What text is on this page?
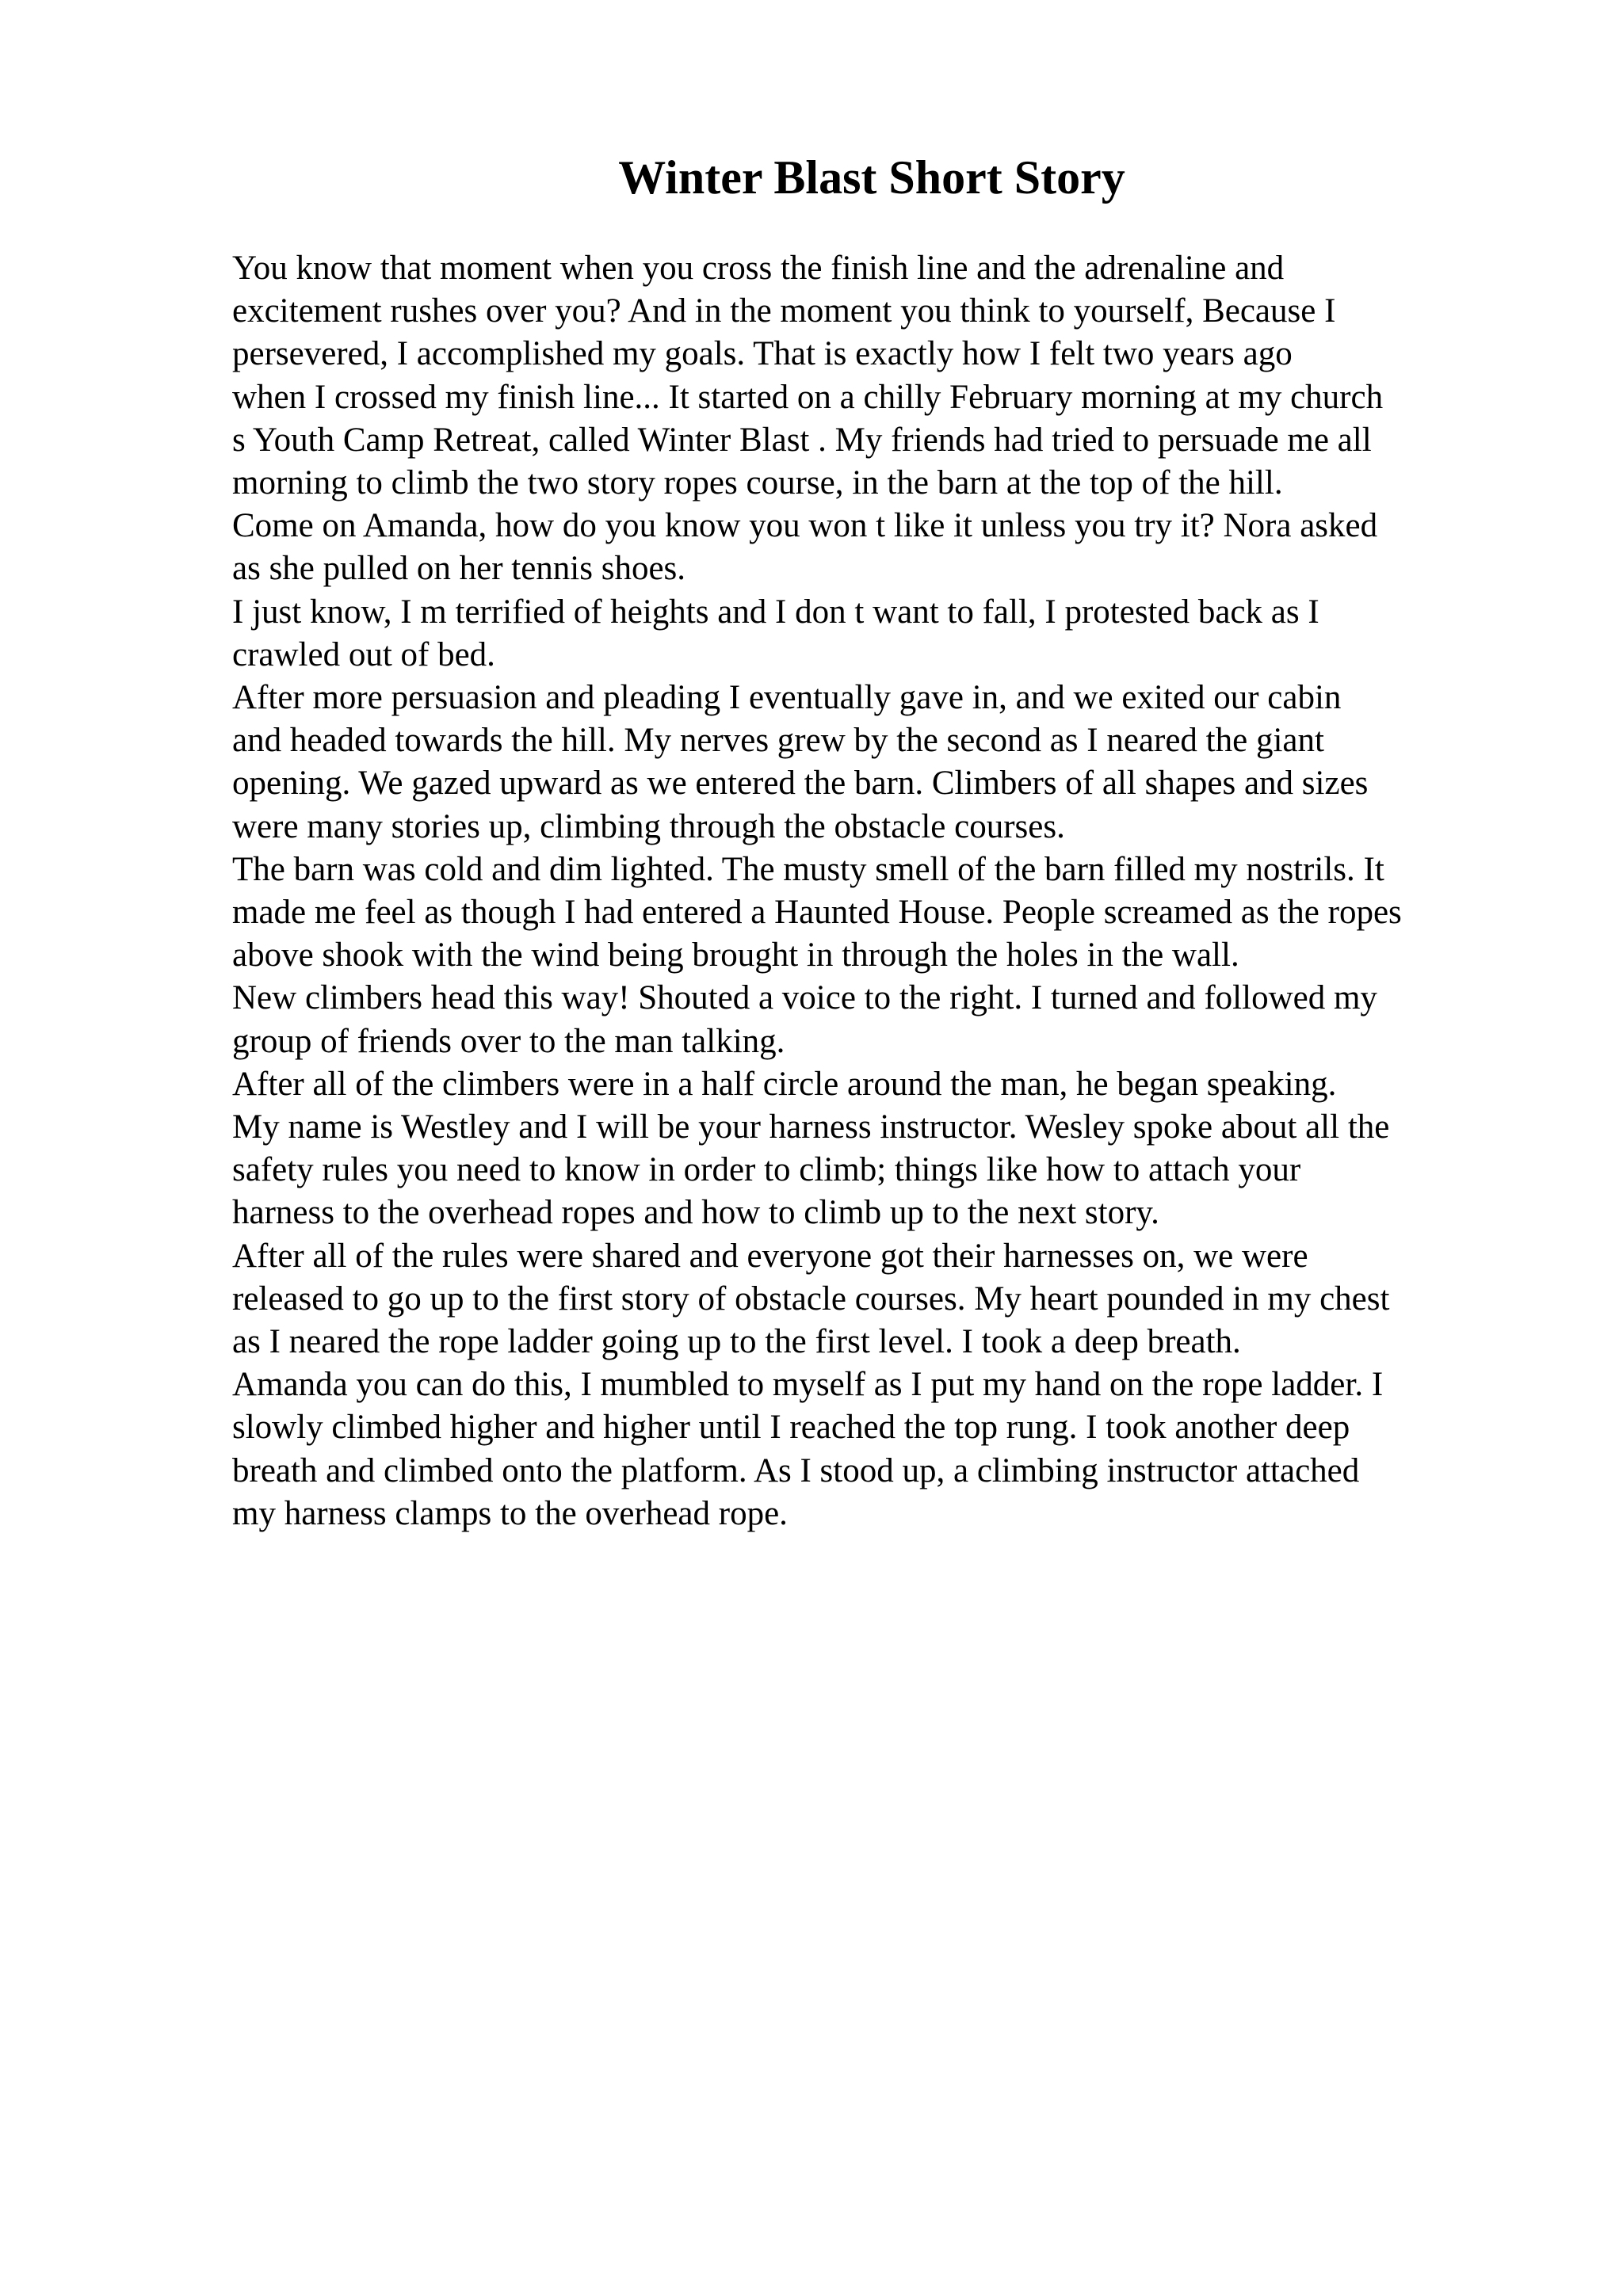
Winter Blast Short Story
You know that moment when you cross the finish line and the adrenaline and
excitement rushes over you? And in the moment you think to yourself, Because I
persevered, I accomplished my goals. That is exactly how I felt two years ago
when I crossed my finish line... It started on a chilly February morning at my church
s Youth Camp Retreat, called Winter Blast . My friends had tried to persuade me all
morning to climb the two story ropes course, in the barn at the top of the hill.
Come on Amanda, how do you know you won t like it unless you try it? Nora asked
as she pulled on her tennis shoes.
I just know, I m terrified of heights and I don t want to fall, I protested back as I
crawled out of bed.
After more persuasion and pleading I eventually gave in, and we exited our cabin
and headed towards the hill. My nerves grew by the second as I neared the giant
opening. We gazed upward as we entered the barn. Climbers of all shapes and sizes
were many stories up, climbing through the obstacle courses.
The barn was cold and dim lighted. The musty smell of the barn filled my nostrils. It
made me feel as though I had entered a Haunted House. People screamed as the ropes
above shook with the wind being brought in through the holes in the wall.
New climbers head this way! Shouted a voice to the right. I turned and followed my
group of friends over to the man talking.
After all of the climbers were in a half circle around the man, he began speaking.
My name is Westley and I will be your harness instructor. Wesley spoke about all the
safety rules you need to know in order to climb; things like how to attach your
harness to the overhead ropes and how to climb up to the next story.
After all of the rules were shared and everyone got their harnesses on, we were
released to go up to the first story of obstacle courses. My heart pounded in my chest
as I neared the rope ladder going up to the first level. I took a deep breath.
Amanda you can do this, I mumbled to myself as I put my hand on the rope ladder. I
slowly climbed higher and higher until I reached the top rung. I took another deep
breath and climbed onto the platform. As I stood up, a climbing instructor attached
my harness clamps to the overhead rope.
